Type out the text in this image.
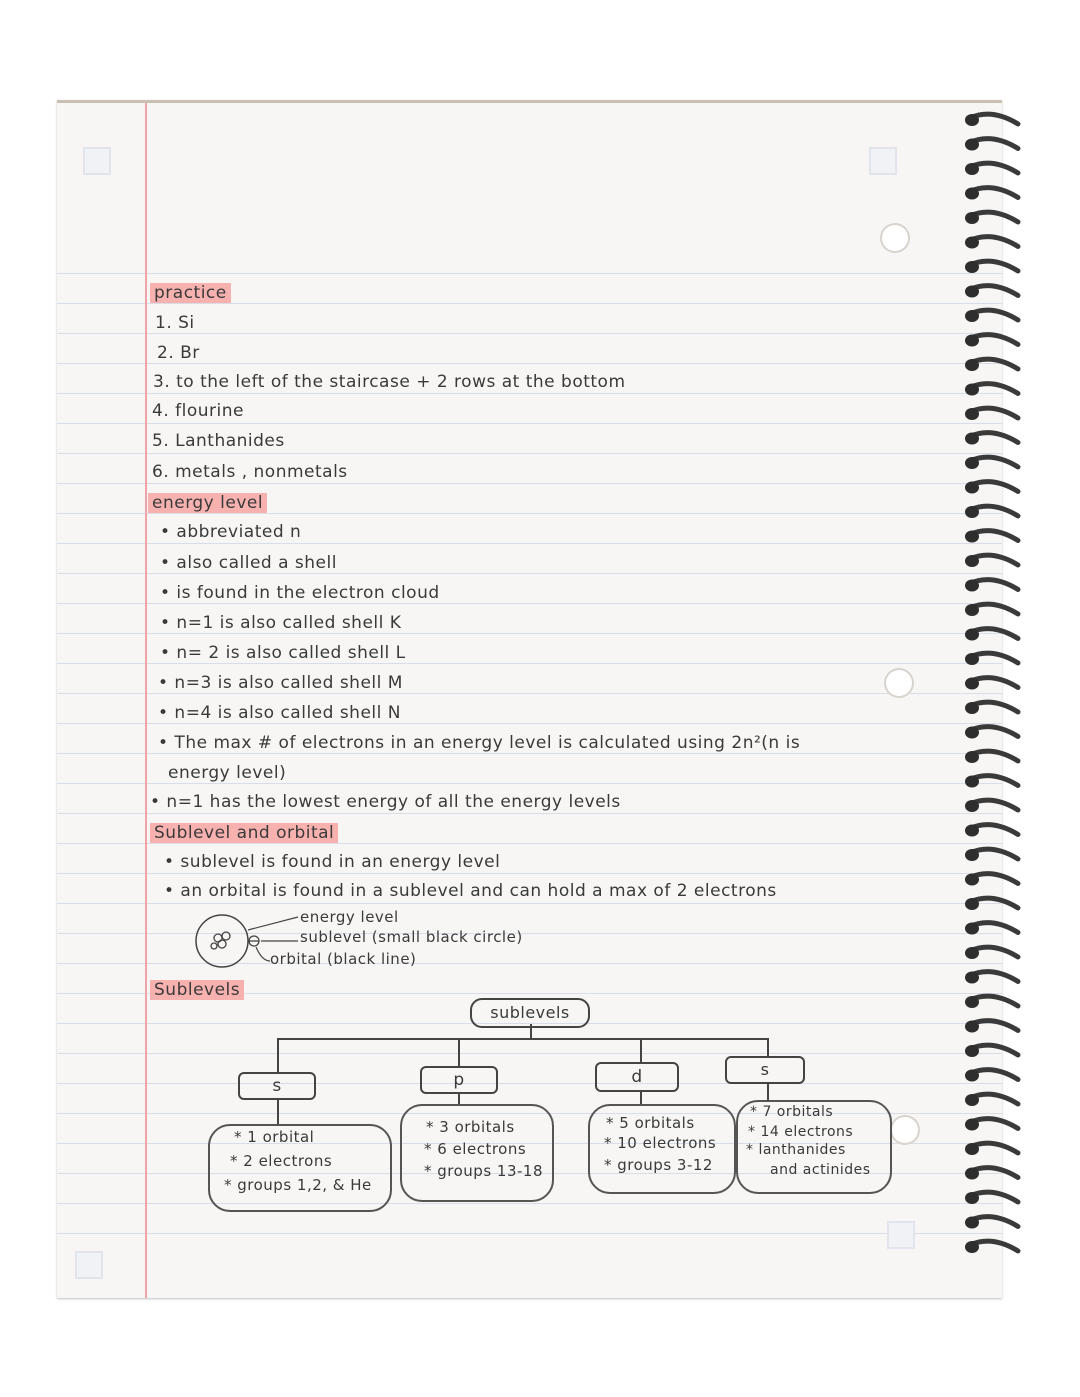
practice
1. Si
2. Br
3. to the left of the staircase + 2 rows at the bottom
4. flourine
5. Lanthanides
6. metals , nonmetals
energy level
• abbreviated n
• also called a shell
• is found in the electron cloud
• n=1 is also called shell K
• n= 2 is also called shell L
• n=3 is also called shell M
• n=4 is also called shell N
• The max # of electrons in an energy level is calculated using 2n²(n is
energy level)
• n=1 has the lowest energy of all the energy levels
Sublevel and orbital
• sublevel is found in an energy level
• an orbital is found in a sublevel and can hold a max of 2 electrons
energy level
sublevel (small black circle)
orbital (black line)
Sublevels
sublevels
s	p	d	s
* 1 orbital
* 2 electrons
* groups 1,2, & He
* 3 orbitals
* 6 electrons
* groups 13-18
* 5 orbitals
* 10 electrons
* groups 3-12
* 7 orbitals
* 14 electrons
* lanthanides
and actinides
